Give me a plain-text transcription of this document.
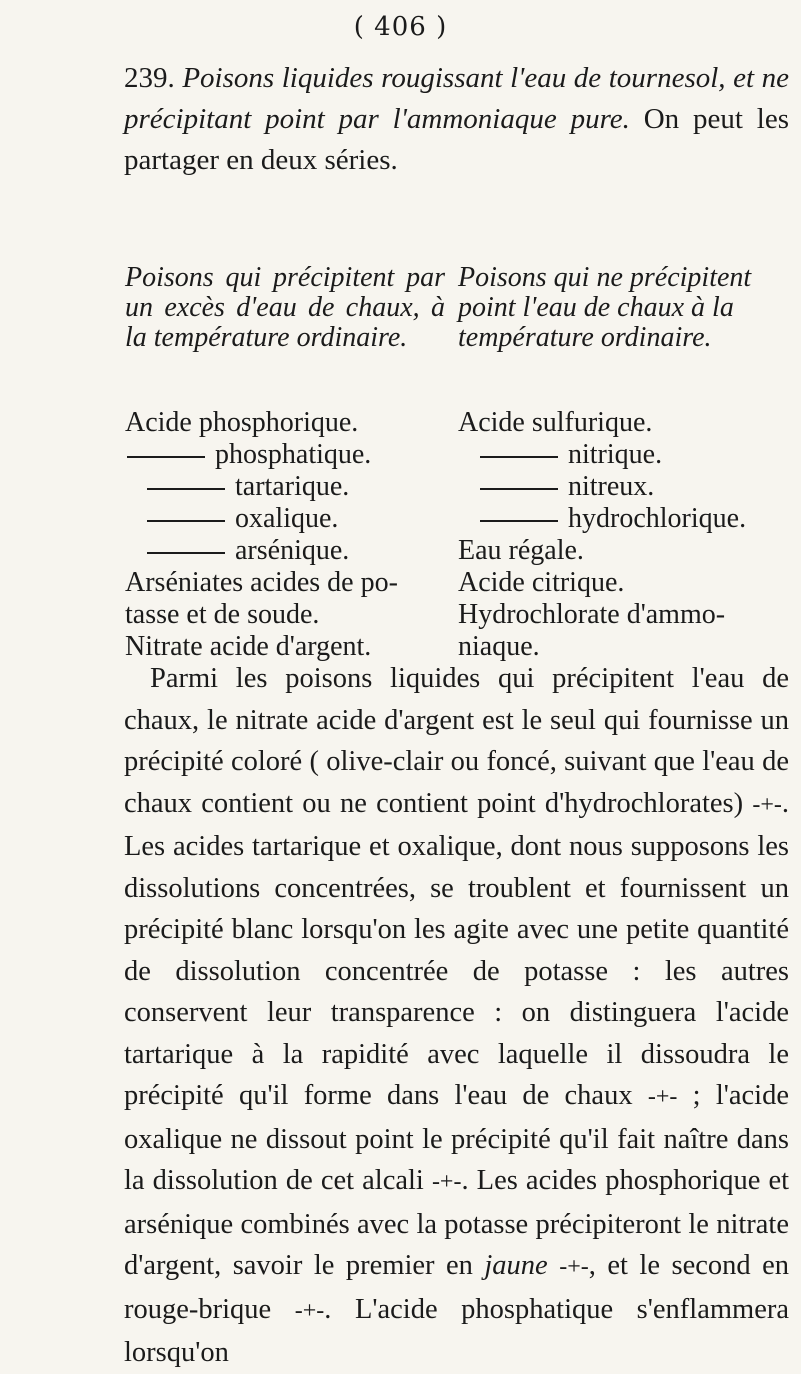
( 406 )
239. Poisons liquides rougissant l'eau de tournesol, et ne précipitant point par l'ammoniaque pure. On peut les partager en deux séries.
Poisons qui précipitent par un excès d'eau de chaux, à la température ordinaire.
Acide phosphorique.
phosphatique.
tartarique.
oxalique.
arsénique.
Arséniates acides de po-
tasse et de soude.
Nitrate acide d'argent.
Poisons qui ne précipitent point l'eau de chaux à la température ordinaire.
Acide sulfurique.
nitrique.
nitreux.
hydrochlorique.
Eau régale.
Acide citrique.
Hydrochlorate d'ammo-
niaque.

Parmi les poisons liquides qui précipitent l'eau de chaux, le nitrate acide d'argent est le seul qui fournisse un précipité coloré ( olive-clair ou foncé, suivant que l'eau de chaux contient ou ne contient point d'hydrochlorates) -+-. Les acides tartarique et oxalique, dont nous supposons les dissolutions concentrées, se troublent et fournissent un précipité blanc lorsqu'on les agite avec une petite quantité de dissolution concentrée de potasse : les autres conservent leur transparence : on distinguera l'acide tartarique à la rapidité avec laquelle il dissoudra le précipité qu'il forme dans l'eau de chaux -+- ; l'acide oxalique ne dissout point le précipité qu'il fait naître dans la dissolution de cet alcali -+-. Les acides phosphorique et arsénique combinés avec la potasse précipiteront le nitrate d'argent, savoir le premier en jaune -+-, et le second en rouge-brique -+-. L'acide phosphatique s'enflammera lorsqu'on
